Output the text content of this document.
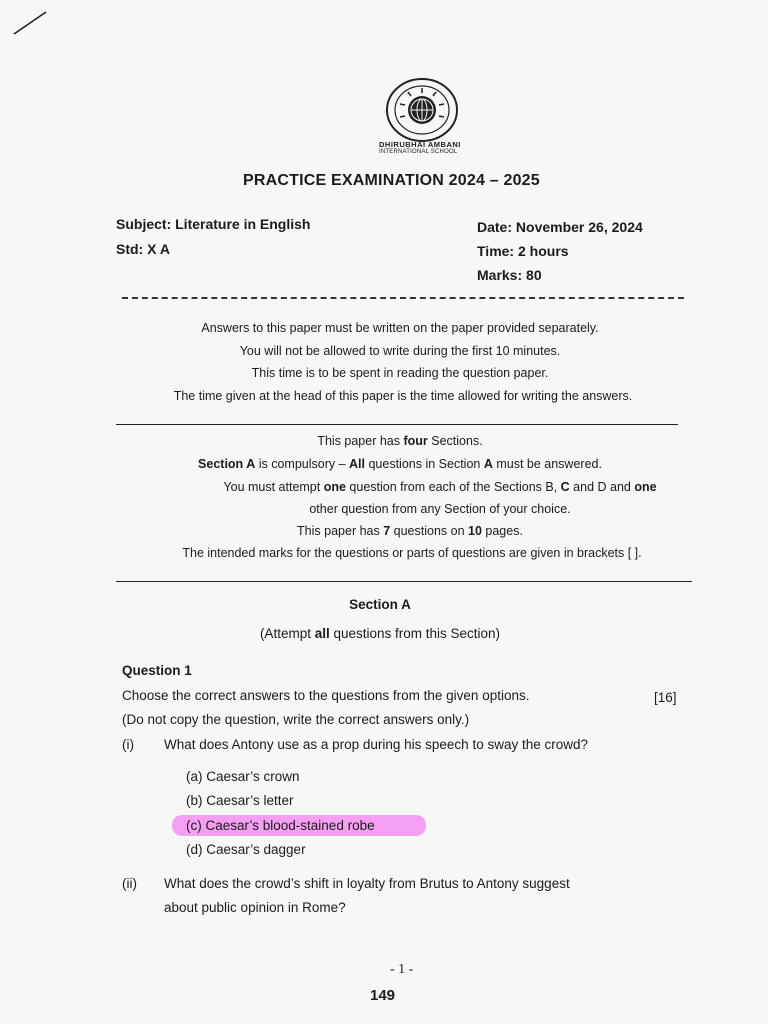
DHIRUBHAI AMBANI
INTERNATIONAL SCHOOL
PRACTICE EXAMINATION 2024 – 2025
Subject: Literature in English
Std: X A
Date: November 26, 2024
Time: 2 hours
Marks: 80
Answers to this paper must be written on the paper provided separately.
You will not be allowed to write during the first 10 minutes.
This time is to be spent in reading the question paper.
The time given at the head of this paper is the time allowed for writing the answers.
This paper has four Sections.
Section A is compulsory – All questions in Section A must be answered.
You must attempt one question from each of the Sections B, C and D and one
other question from any Section of your choice.
This paper has 7 questions on 10 pages.
The intended marks for the questions or parts of questions are given in brackets [ ].
Section A
(Attempt all questions from this Section)
Question 1
Choose the correct answers to the questions from the given options.	[16]
(Do not copy the question, write the correct answers only.)
(i) What does Antony use as a prop during his speech to sway the crowd?
(a) Caesar’s crown
(b) Caesar’s letter
(c) Caesar’s blood-stained robe
(d) Caesar’s dagger
(ii) What does the crowd’s shift in loyalty from Brutus to Antony suggest
about public opinion in Rome?
- 1 -
149
